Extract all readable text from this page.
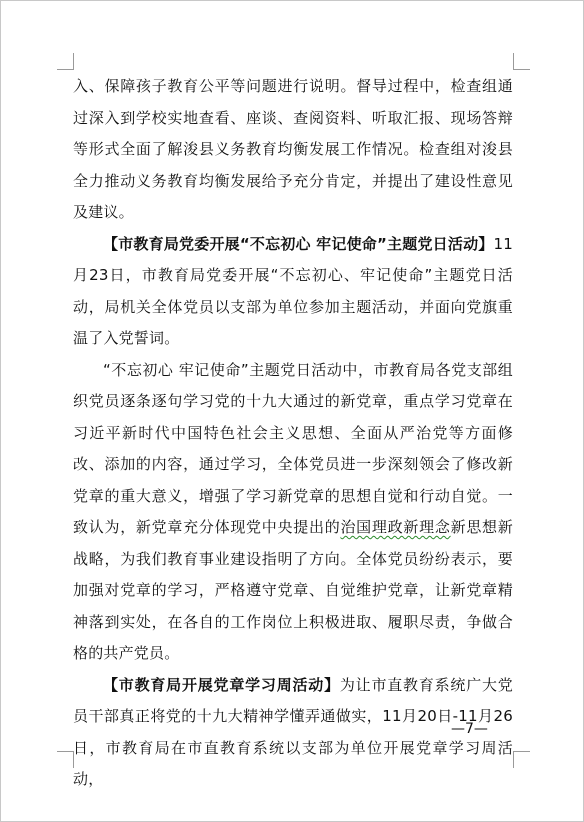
入、保障孩子教育公平等问题进行说明。督导过程中，检查组通过深入到学校实地查看、座谈、查阅资料、听取汇报、现场答辩等形式全面了解浚县义务教育均衡发展工作情况。检查组对浚县全力推动义务教育均衡发展给予充分肯定，并提出了建设性意见及建议。

【市教育局党委开展“不忘初心 牢记使命”主题党日活动】11月23日，市教育局党委开展“不忘初心、牢记使命”主题党日活动，局机关全体党员以支部为单位参加主题活动，并面向党旗重温了入党誓词。

“不忘初心 牢记使命”主题党日活动中，市教育局各党支部组织党员逐条逐句学习党的十九大通过的新党章，重点学习党章在习近平新时代中国特色社会主义思想、全面从严治党等方面修改、添加的内容，通过学习，全体党员进一步深刻领会了修改新党章的重大意义，增强了学习新党章的思想自觉和行动自觉。一致认为，新党章充分体现党中央提出的治国理政新理念新思想新战略，为我们教育事业建设指明了方向。全体党员纷纷表示，要加强对党章的学习，严格遵守党章、自觉维护党章，让新党章精神落到实处，在各自的工作岗位上积极进取、履职尽责，争做合格的共产党员。

【市教育局开展党章学习周活动】为让市直教育系统广大党员干部真正将党的十九大精神学懂弄通做实，11月20日-11月26日，市教育局在市直教育系统以支部为单位开展党章学习周活动，

—7—
